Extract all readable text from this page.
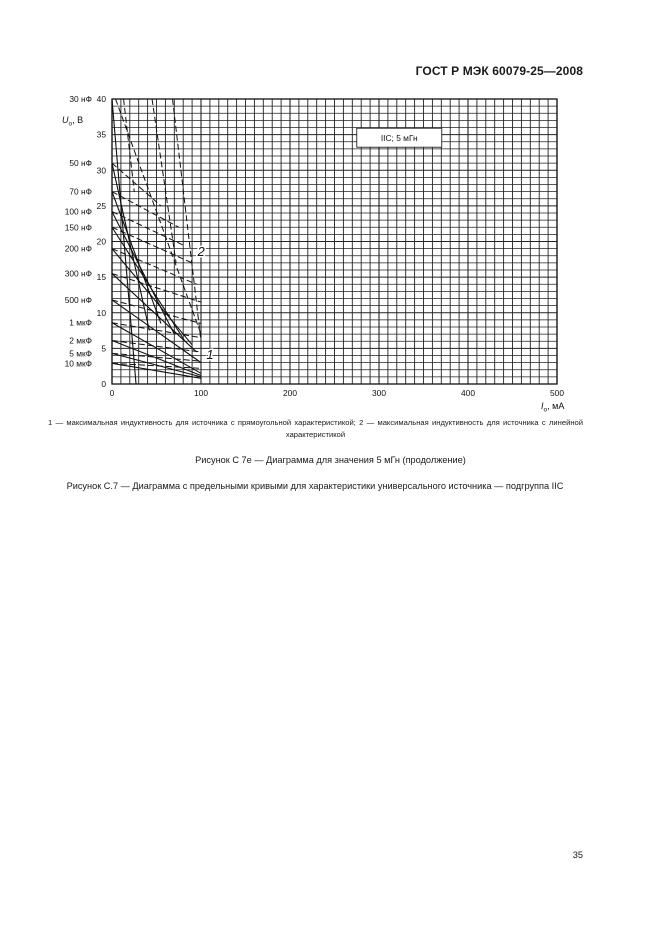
ГОСТ Р МЭК 60079-25—2008
0
5
10
15
20
25
30
35
40
0	100	200	300	400	500
30 нФ
50 нФ
70 нФ
100 нФ
150 нФ
200 нФ
300 нФ
500 нФ
1 мкФ
2 мкФ
5 мкФ
10 мкФ
$U_o$, В
$I_o$, мА
IIC; 5 мГн
2
1
1 — максимальная индуктивность для источника с прямоугольной характеристикой; 2 — максимальная индуктивность для источника с линейной характеристикой
Рисунок С 7е — Диаграмма для значения 5 мГн (продолжение)
Рисунок С.7 — Диаграмма с предельными кривыми для характеристики универсального источника — подгруппа IIС
35
